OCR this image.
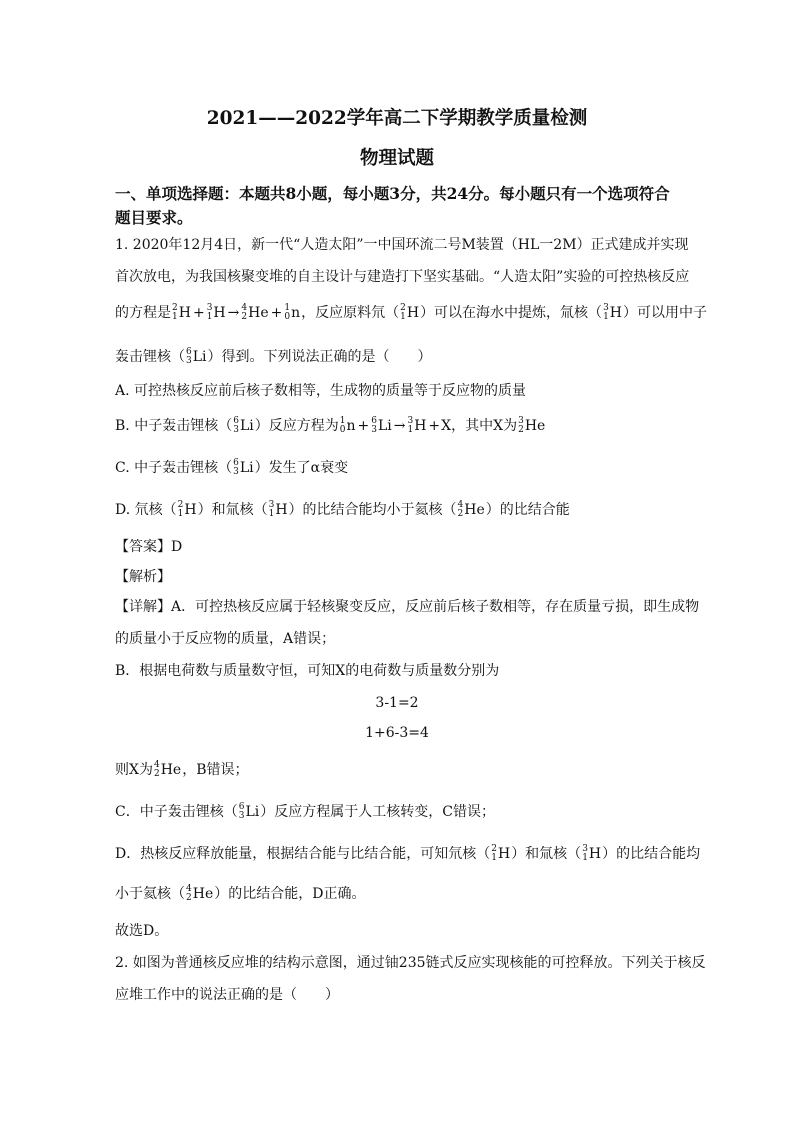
2021——2022学年高二下学期教学质量检测
物理试题
一、单项选择题：本题共8小题，每小题3分，共24分。每小题只有一个选项符合
题目要求。
1. 2020年12月4日，新一代“人造太阳”一中国环流二号M装置（HL一2M）正式建成并实现
首次放电，为我国核聚变堆的自主设计与建造打下坚实基础。“人造太阳”实验的可控热核反应
的方程是 2
1 H + 3
1 H → 4
2 He + 1
0 n ，反应原料氘（ 2
1 H ）可以在海水中提炼，氚核（ 3
1 H ）可以用中子
轰击锂核（ 6
3 Li ）得到。下列说法正确的是（　　）
A. 可控热核反应前后核子数相等，生成物的质量等于反应物的质量
B. 中子轰击锂核（ 6
3 Li ）反应方程为 1
0 n + 6
3 Li → 3
1 H + X ，其中X为 3
2 He
C. 中子轰击锂核（ 6
3 Li ）发生了α衰变
D. 氘核（ 2
1 H ）和氚核（ 3
1 H ）的比结合能均小于氦核（ 4
2 He ）的比结合能
【答案】D
【解析】
【详解】A．可控热核反应属于轻核聚变反应，反应前后核子数相等，存在质量亏损，即生成物
的质量小于反应物的质量，A错误；
B．根据电荷数与质量数守恒，可知X的电荷数与质量数分别为
3-1=2
1+6-3=4
则X为 4
2 He ，B错误；
C．中子轰击锂核（ 6
3 Li ）反应方程属于人工核转变，C错误；
D．热核反应释放能量，根据结合能与比结合能，可知氘核（ 2
1 H ）和氚核（ 3
1 H ）的比结合能均
小于氦核（ 4
2 He ）的比结合能，D正确。
故选D。
2. 如图为普通核反应堆的结构示意图，通过铀235链式反应实现核能的可控释放。下列关于核反
应堆工作中的说法正确的是（　　）
